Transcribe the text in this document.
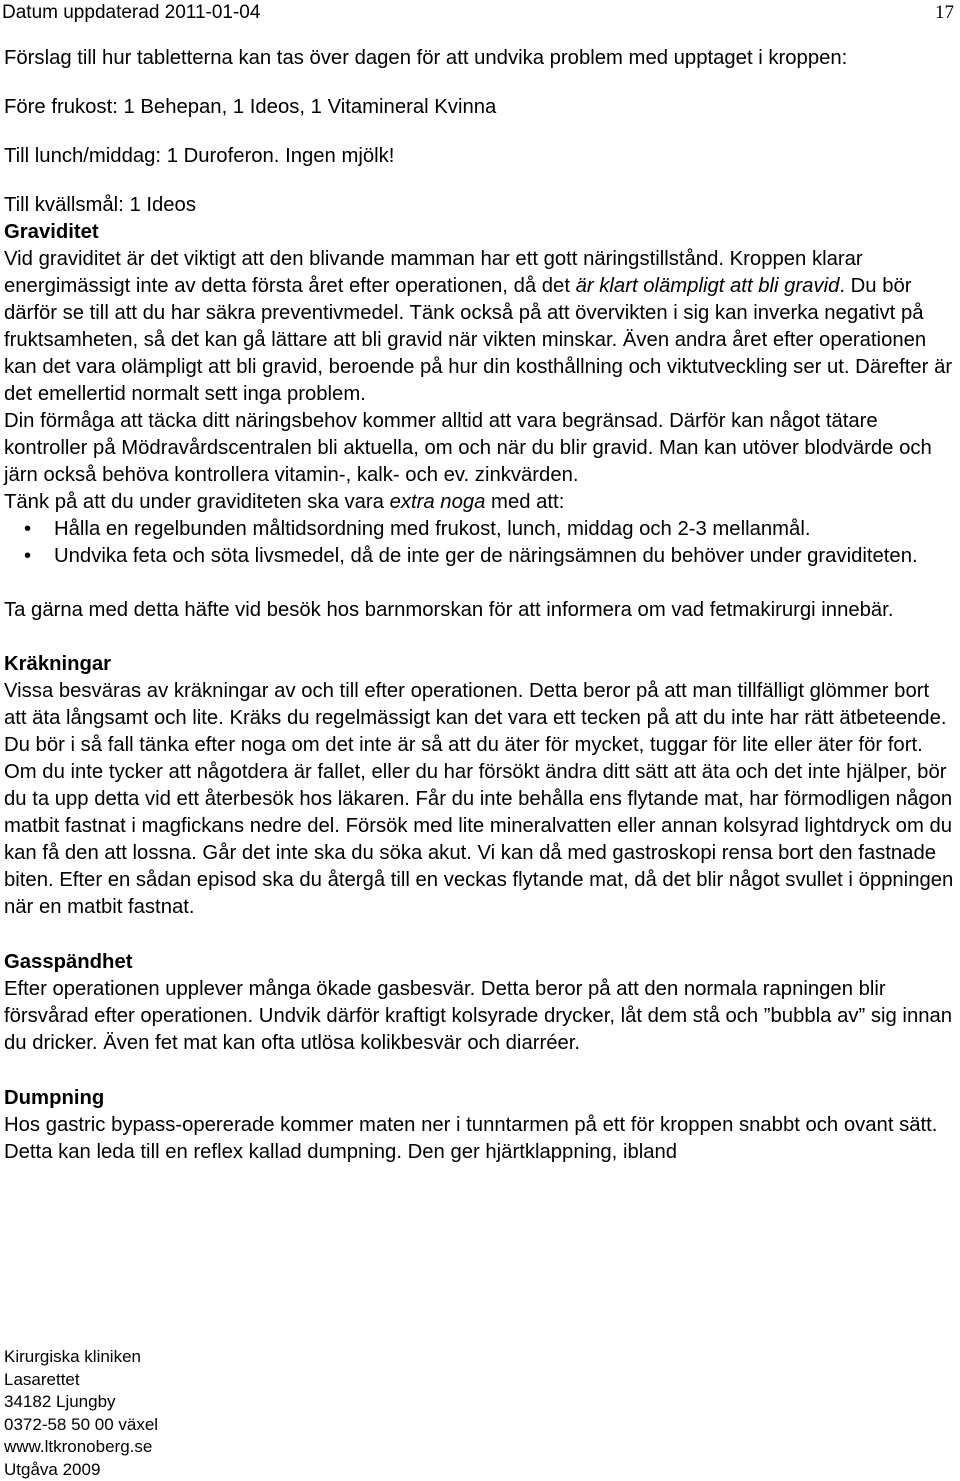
Datum uppdaterad 2011-01-04	17

Förslag till hur tabletterna kan tas över dagen för att undvika problem med upptaget i kroppen:

Före frukost: 1 Behepan, 1 Ideos, 1 Vitamineral Kvinna

Till lunch/middag: 1 Duroferon. Ingen mjölk!

Till kvällsmål: 1 Ideos

Graviditet

Vid graviditet är det viktigt att den blivande mamman har ett gott näringstillstånd. Kroppen klarar energimässigt inte av detta första året efter operationen, då det är klart olämpligt att bli gravid. Du bör därför se till att du har säkra preventivmedel. Tänk också på att övervikten i sig kan inverka negativt på fruktsamheten, så det kan gå lättare att bli gravid när vikten minskar. Även andra året efter operationen kan det vara olämpligt att bli gravid, beroende på hur din kosthållning och viktutveckling ser ut. Därefter är det emellertid normalt sett inga problem.

Din förmåga att täcka ditt näringsbehov kommer alltid att vara begränsad. Därför kan något tätare kontroller på Mödravårdscentralen bli aktuella, om och när du blir gravid. Man kan utöver blodvärde och järn också behöva kontrollera vitamin-, kalk- och ev. zinkvärden.

Tänk på att du under graviditeten ska vara extra noga med att:

• Hålla en regelbunden måltidsordning med frukost, lunch, middag och 2-3 mellanmål.
• Undvika feta och söta livsmedel, då de inte ger de näringsämnen du behöver under graviditeten.

Ta gärna med detta häfte vid besök hos barnmorskan för att informera om vad fetmakirurgi innebär.

Kräkningar

Vissa besväras av kräkningar av och till efter operationen. Detta beror på att man tillfälligt glömmer bort att äta långsamt och lite. Kräks du regelmässigt kan det vara ett tecken på att du inte har rätt ätbeteende. Du bör i så fall tänka efter noga om det inte är så att du äter för mycket, tuggar för lite eller äter för fort. Om du inte tycker att någotdera är fallet, eller du har försökt ändra ditt sätt att äta och det inte hjälper, bör du ta upp detta vid ett återbesök hos läkaren. Får du inte behålla ens flytande mat, har förmodligen någon matbit fastnat i magfickans nedre del. Försök med lite mineralvatten eller annan kolsyrad lightdryck om du kan få den att lossna. Går det inte ska du söka akut. Vi kan då med gastroskopi rensa bort den fastnade biten. Efter en sådan episod ska du återgå till en veckas flytande mat, då det blir något svullet i öppningen när en matbit fastnat.

Gasspändhet

Efter operationen upplever många ökade gasbesvär. Detta beror på att den normala rapningen blir försvårad efter operationen. Undvik därför kraftigt kolsyrade drycker, låt dem stå och ”bubbla av” sig innan du dricker. Även fet mat kan ofta utlösa kolikbesvär och diarréer.

Dumpning

Hos gastric bypass-opererade kommer maten ner i tunntarmen på ett för kroppen snabbt och ovant sätt. Detta kan leda till en reflex kallad dumpning. Den ger hjärtklappning, ibland

Kirurgiska kliniken
Lasarettet
34182 Ljungby
0372-58 50 00 växel
www.ltkronoberg.se
Utgåva 2009
